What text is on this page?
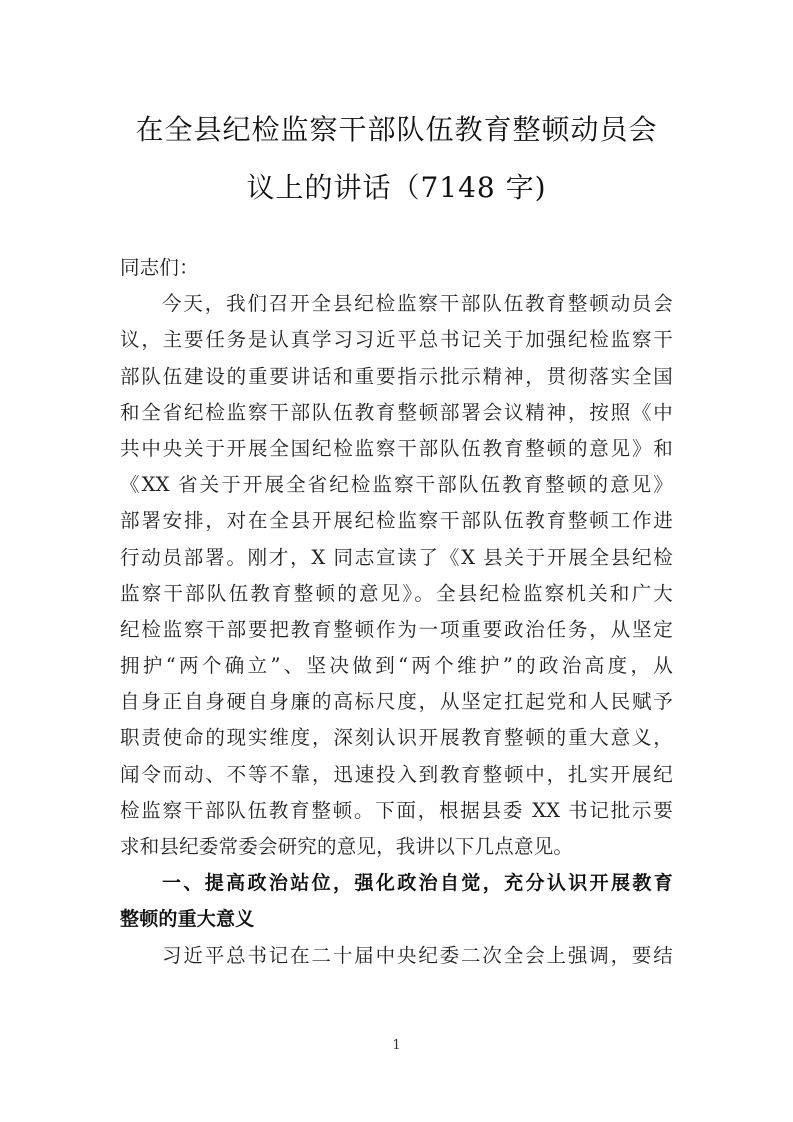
在全县纪检监察干部队伍教育整顿动员会
议上的讲话（7148 字)
同志们：
今天，我们召开全县纪检监察干部队伍教育整顿动员会
议，主要任务是认真学习习近平总书记关于加强纪检监察干
部队伍建设的重要讲话和重要指示批示精神，贯彻落实全国
和全省纪检监察干部队伍教育整顿部署会议精神，按照《中
共中央关于开展全国纪检监察干部队伍教育整顿的意见》和
《XX 省关于开展全省纪检监察干部队伍教育整顿的意见》
部署安排，对在全县开展纪检监察干部队伍教育整顿工作进
行动员部署。刚才，X 同志宣读了《X 县关于开展全县纪检
监察干部队伍教育整顿的意见》。全县纪检监察机关和广大
纪检监察干部要把教育整顿作为一项重要政治任务，从坚定
拥护“两个确立”、坚决做到“两个维护”的政治高度，从
自身正自身硬自身廉的高标尺度，从坚定扛起党和人民赋予
职责使命的现实维度，深刻认识开展教育整顿的重大意义，
闻令而动、不等不靠，迅速投入到教育整顿中，扎实开展纪
检监察干部队伍教育整顿。下面，根据县委 XX 书记批示要
求和县纪委常委会研究的意见，我讲以下几点意见。
一、提高政治站位，强化政治自觉，充分认识开展教育
整顿的重大意义
习近平总书记在二十届中央纪委二次全会上强调，要结
1
